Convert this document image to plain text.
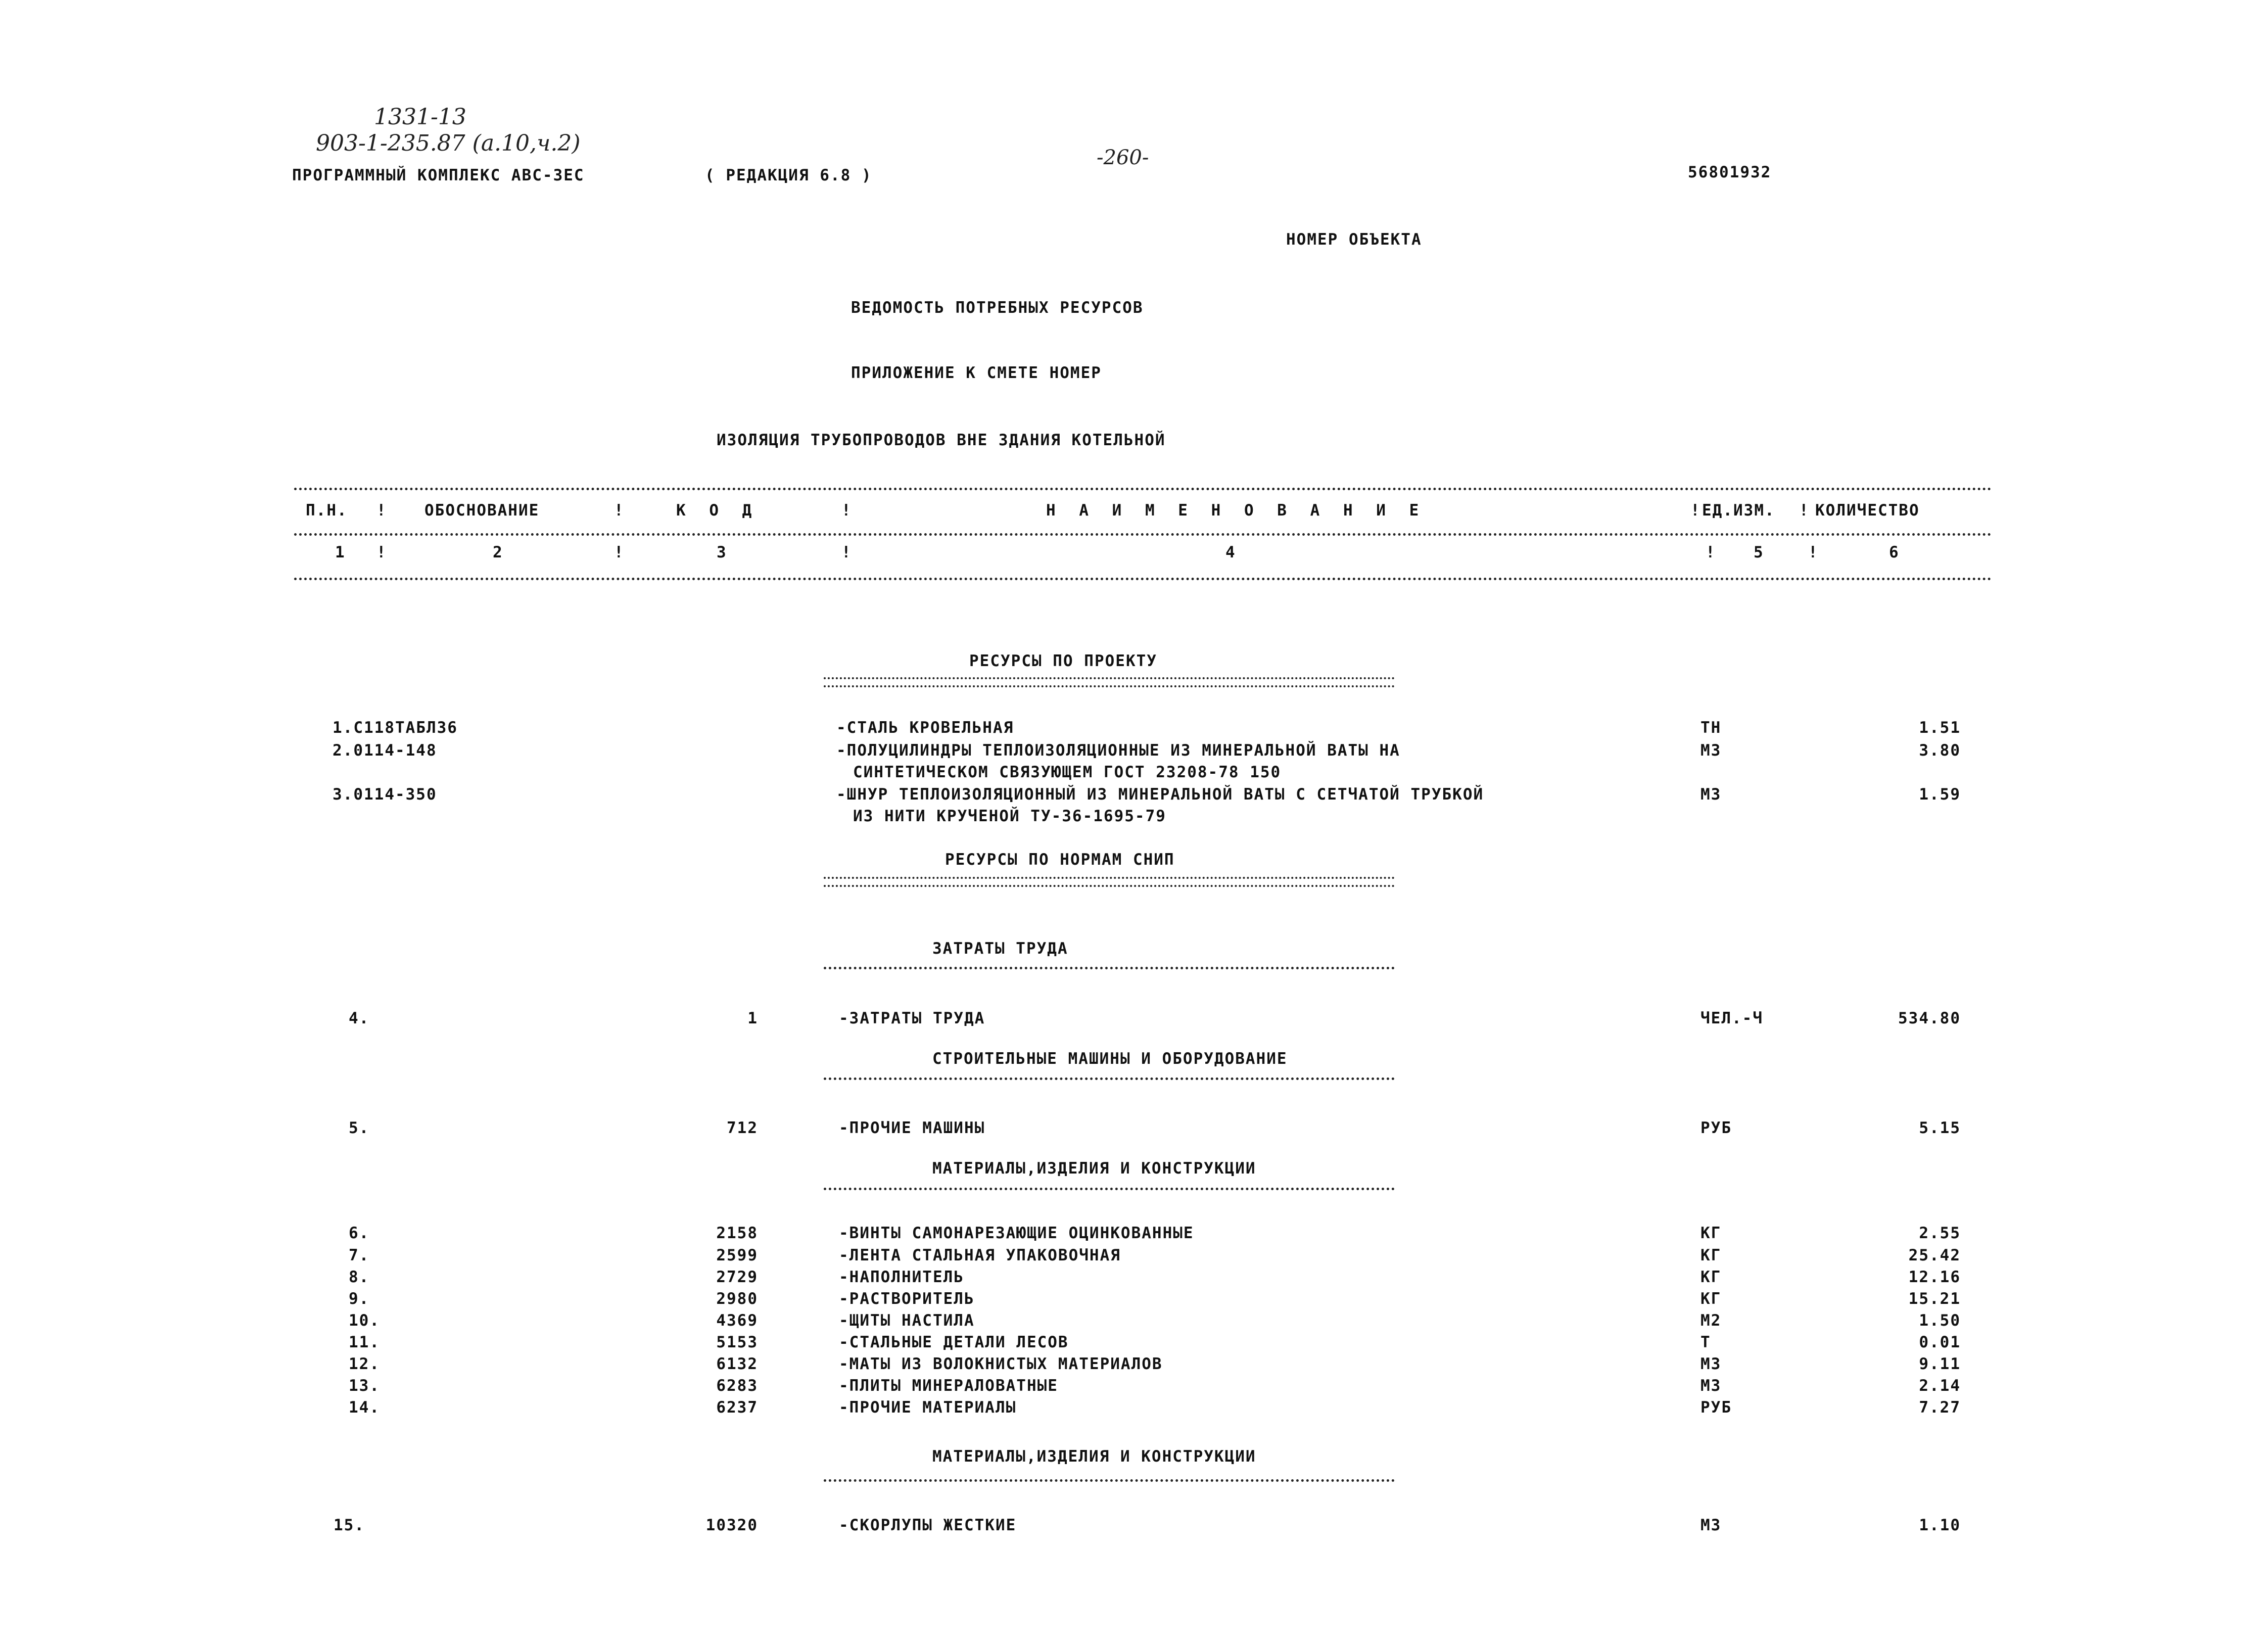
1331-13
903-1-235.87 (a.10,ч.2)
-260-
ПРОГРАММНЫЙ КОМПЛЕКС АВС-3ЕС	( РЕДАКЦИЯ 6.8 )	56801932
НОМЕР ОБЪЕКТА
ВЕДОМОСТЬ ПОТРЕБНЫХ РЕСУРСОВ
ПРИЛОЖЕНИЕ К СМЕТЕ НОМЕР
ИЗОЛЯЦИЯ ТРУБОПРОВОДОВ ВНЕ ЗДАНИЯ КОТЕЛЬНОЙ
П.Н. ! ОБОСНОВАНИЕ	!	К О Д	!	Н А И М Е Н О В А Н И Е	! ЕД.ИЗМ. ! КОЛИЧЕСТВО
1 !	2	!	3	!	4	! 5	!	6
РЕСУРСЫ ПО ПРОЕКТУ
1.С118ТАБЛ36	-СТАЛЬ КРОВЕЛЬНАЯ	ТН	1.51
2.0114-148	-ПОЛУЦИЛИНДРЫ ТЕПЛОИЗОЛЯЦИОННЫЕ ИЗ МИНЕРАЛЬНОЙ ВАТЫ НА
СИНТЕТИЧЕСКОМ СВЯЗУЮЩЕМ ГОСТ 23208-78 150
М3	3.80
3.0114-350	-ШНУР ТЕПЛОИЗОЛЯЦИОННЫЙ ИЗ МИНЕРАЛЬНОЙ ВАТЫ С СЕТЧАТОЙ ТРУБКОЙ
ИЗ НИТИ КРУЧЕНОЙ ТУ-36-1695-79
М3	1.59
РЕСУРСЫ ПО НОРМАМ СНИП
ЗАТРАТЫ ТРУДА
4.	1	-ЗАТРАТЫ ТРУДА	ЧЕЛ.-Ч	534.80
СТРОИТЕЛЬНЫЕ МАШИНЫ И ОБОРУДОВАНИЕ
5.	712	-ПРОЧИЕ МАШИНЫ	РУБ	5.15
МАТЕРИАЛЫ,ИЗДЕЛИЯ И КОНСТРУКЦИИ
6.	2158	-ВИНТЫ САМОНАРЕЗАЮЩИЕ ОЦИНКОВАННЫЕ	КГ	2.55
7.	2599	-ЛЕНТА СТАЛЬНАЯ УПАКОВОЧНАЯ	КГ	25.42
8.	2729	-НАПОЛНИТЕЛЬ	КГ	12.16
9.	2980	-РАСТВОРИТЕЛЬ	КГ	15.21
10.	4369	-ЩИТЫ НАСТИЛА	М2	1.50
11.	5153	-СТАЛЬНЫЕ ДЕТАЛИ ЛЕСОВ	Т	0.01
12.	6132	-МАТЫ ИЗ ВОЛОКНИСТЫХ МАТЕРИАЛОВ	М3	9.11
13.	6283	-ПЛИТЫ МИНЕРАЛОВАТНЫЕ	М3	2.14
14.	6237	-ПРОЧИЕ МАТЕРИАЛЫ	РУБ	7.27
МАТЕРИАЛЫ,ИЗДЕЛИЯ И КОНСТРУКЦИИ
15.	10320	-СКОРЛУПЫ ЖЕСТКИЕ	М3	1.10
